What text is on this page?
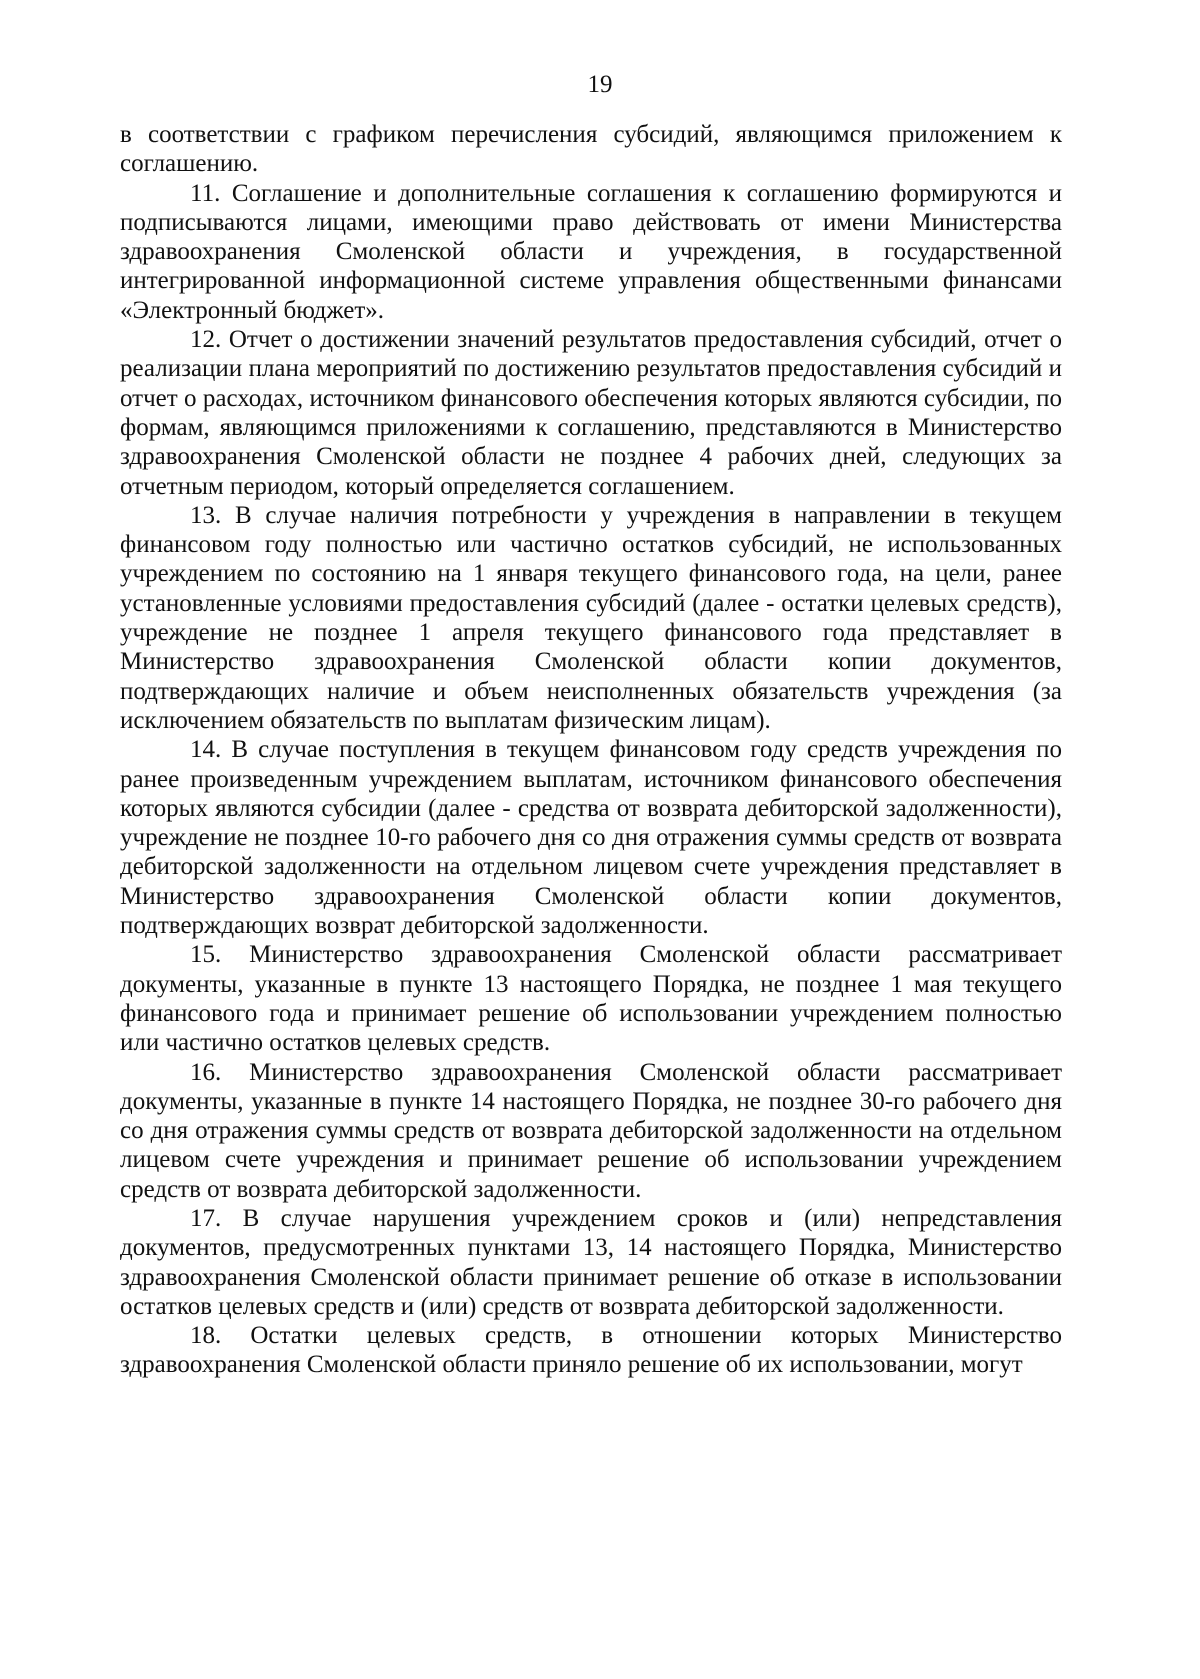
19

в соответствии с графиком перечисления субсидий, являющимся приложением к соглашению.

11. Соглашение и дополнительные соглашения к соглашению формируются и подписываются лицами, имеющими право действовать от имени Министерства здравоохранения Смоленской области и учреждения, в государственной интегрированной информационной системе управления общественными финансами «Электронный бюджет».

12. Отчет о достижении значений результатов предоставления субсидий, отчет о реализации плана мероприятий по достижению результатов предоставления субсидий и отчет о расходах, источником финансового обеспечения которых являются субсидии, по формам, являющимся приложениями к соглашению, представляются в Министерство здравоохранения Смоленской области не позднее 4 рабочих дней, следующих за отчетным периодом, который определяется соглашением.

13. В случае наличия потребности у учреждения в направлении в текущем финансовом году полностью или частично остатков субсидий, не использованных учреждением по состоянию на 1 января текущего финансового года, на цели, ранее установленные условиями предоставления субсидий (далее - остатки целевых средств), учреждение не позднее 1 апреля текущего финансового года представляет в Министерство здравоохранения Смоленской области копии документов, подтверждающих наличие и объем неисполненных обязательств учреждения (за исключением обязательств по выплатам физическим лицам).

14. В случае поступления в текущем финансовом году средств учреждения по ранее произведенным учреждением выплатам, источником финансового обеспечения которых являются субсидии (далее - средства от возврата дебиторской задолженности), учреждение не позднее 10-го рабочего дня со дня отражения суммы средств от возврата дебиторской задолженности на отдельном лицевом счете учреждения представляет в Министерство здравоохранения Смоленской области копии документов, подтверждающих возврат дебиторской задолженности.

15. Министерство здравоохранения Смоленской области рассматривает документы, указанные в пункте 13 настоящего Порядка, не позднее 1 мая текущего финансового года и принимает решение об использовании учреждением полностью или частично остатков целевых средств.

16. Министерство здравоохранения Смоленской области рассматривает документы, указанные в пункте 14 настоящего Порядка, не позднее 30-го рабочего дня со дня отражения суммы средств от возврата дебиторской задолженности на отдельном лицевом счете учреждения и принимает решение об использовании учреждением средств от возврата дебиторской задолженности.

17. В случае нарушения учреждением сроков и (или) непредставления документов, предусмотренных пунктами 13, 14 настоящего Порядка, Министерство здравоохранения Смоленской области принимает решение об отказе в использовании остатков целевых средств и (или) средств от возврата дебиторской задолженности.

18. Остатки целевых средств, в отношении которых Министерство здравоохранения Смоленской области приняло решение об их использовании, могут
